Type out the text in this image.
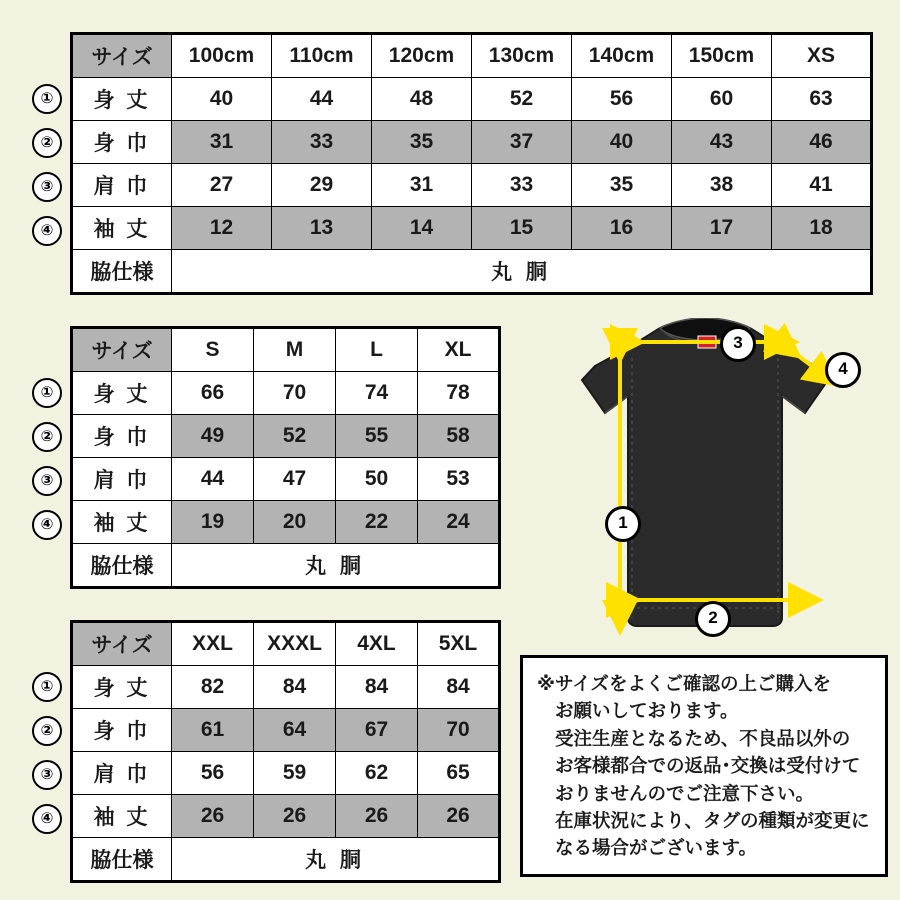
①
②
③
④
サイズ	100cm	110cm	120cm	130cm	140cm	150cm	XS
身 丈	40	44	48	52	56	60	63
身 巾	31	33	35	37	40	43	46
肩 巾	27	29	31	33	35	38	41
袖 丈	12	13	14	15	16	17	18
脇仕様	丸 胴						
①
②
③
④
サイズ	S	M	L	XL
身 丈	66	70	74	78
身 巾	49	52	55	58
肩 巾	44	47	50	53
袖 丈	19	20	22	24
脇仕様	丸 胴			
①
②
③
④
サイズ	XXL	XXXL	4XL	5XL
身 丈	82	84	84	84
身 巾	61	64	67	70
肩 巾	56	59	62	65
袖 丈	26	26	26	26
脇仕様	丸 胴			
1
2
3
4

※サイズをよくご確認の上ご購入を

お願いしております。

受注生産となるため、不良品以外の

お客様都合での返品･交換は受付けて

おりませんのでご注意下さい。

在庫状況により、タグの種類が変更に

なる場合がございます。
